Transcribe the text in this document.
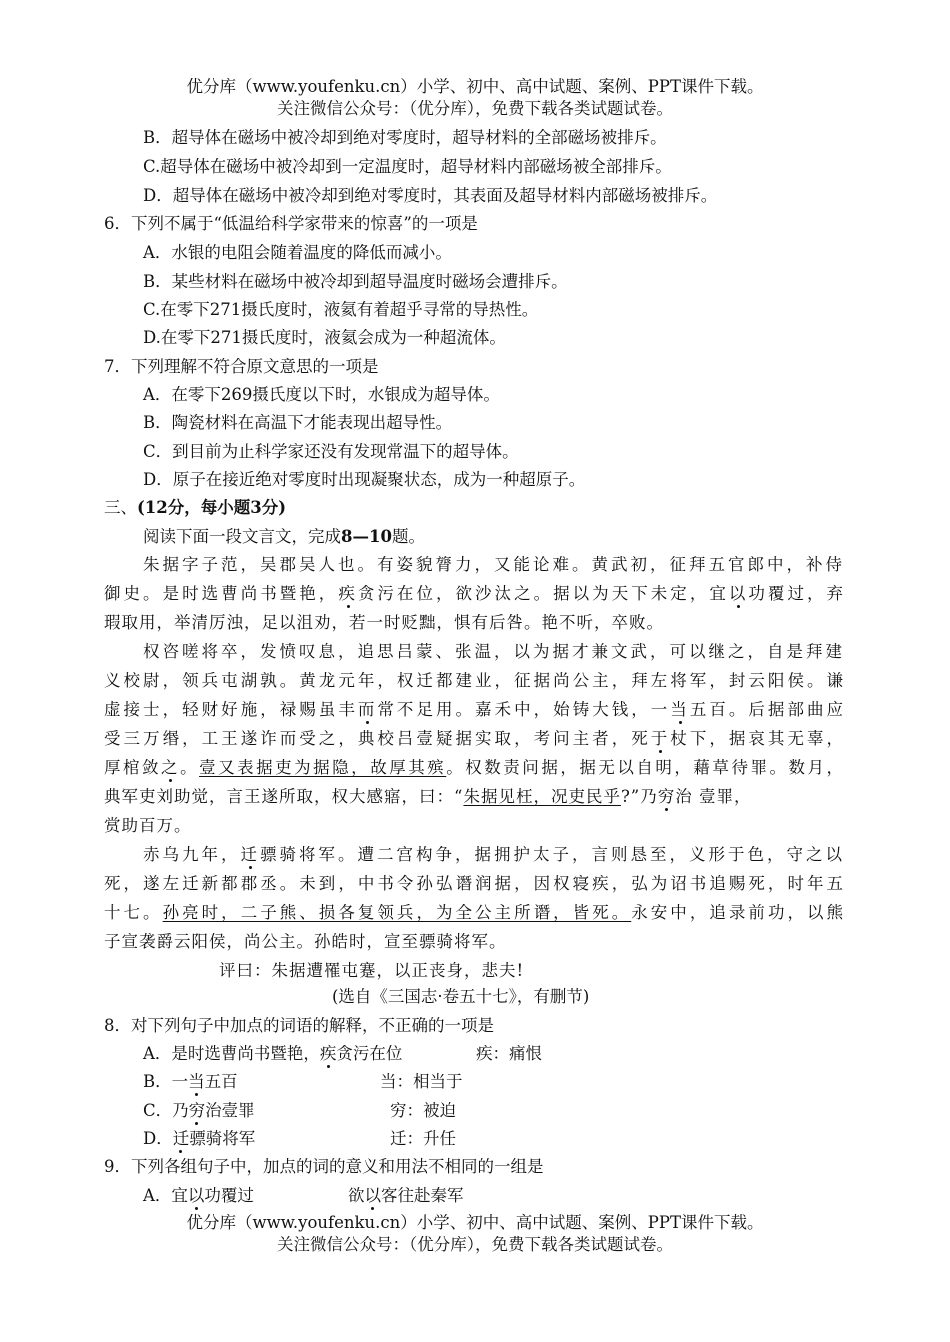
优分库（www.youfenku.cn）小学、初中、高中试题、案例、PPT课件下载。
关注微信公众号：（优分库），免费下载各类试题试卷。
B．超导体在磁场中被冷却到绝对零度时，超导材料的全部磁场被排斥。
C.超导体在磁场中被冷却到一定温度时，超导材料内部磁场被全部排斥。
D．超导体在磁场中被冷却到绝对零度时，其表面及超导材料内部磁场被排斥。
6．下列不属于“低温给科学家带来的惊喜”的一项是
A．水银的电阻会随着温度的降低而减小。
B．某些材料在磁场中被冷却到超导温度时磁场会遭排斥。
C.在零下271摄氏度时，液氦有着超乎寻常的导热性。
D.在零下271摄氏度时，液氦会成为一种超流体。
7．下列理解不符合原文意思的一项是
A．在零下269摄氏度以下时，水银成为超导体。
B．陶瓷材料在高温下才能表现出超导性。
C．到目前为止科学家还没有发现常温下的超导体。
D．原子在接近绝对零度时出现凝聚状态，成为一种超原子。
三、(12分，每小题3分)
阅读下面一段文言文，完成8—10题。
朱据字子范，吴郡吴人也。有姿貌膂力，又能论难。黄武初，征拜五官郎中，补侍
御史。是时选曹尚书暨艳，疾贪污在位，欲沙汰之。据以为天下未定，宜以功覆过，弃
瑕取用，举清厉浊，足以沮劝，若一时贬黜，惧有后咎。艳不听，卒败。
权咨嗟将卒，发愤叹息，追思吕蒙、张温，以为据才兼文武，可以继之，自是拜建
义校尉，领兵屯湖孰。黄龙元年，权迁都建业，征据尚公主，拜左将军，封云阳侯。谦
虚接士，轻财好施，禄赐虽丰而常不足用。嘉禾中，始铸大钱，一当五百。后据部曲应
受三万缗，工王遂诈而受之，典校吕壹疑据实取，考问主者，死于杖下，据哀其无辜，
厚棺敛之。壹又表据吏为据隐，故厚其殡。权数责问据，据无以自明，藉草待罪。数月，
典军吏刘助觉，言王遂所取，权大感寤，曰：“朱据见枉，况吏民乎?”乃穷治 壹罪，
赏助百万。
赤乌九年，迁骠骑将军。遭二宫构争，据拥护太子，言则恳至，义形于色，守之以
死，遂左迁新都郡丞。未到，中书令孙弘谮润据，因权寝疾，弘为诏书追赐死，时年五
十七。孙亮时，二子熊、损各复领兵，为全公主所谮，皆死。永安中，追录前功，以熊
子宣袭爵云阳侯，尚公主。孙皓时，宣至骠骑将军。
评曰：朱据遭罹屯蹇，以正丧身，悲夫!
(选自《三国志·卷五十七》，有删节)
8．对下列句子中加点的词语的解释，不正确的一项是
A．是时选曹尚书暨艳，疾贪污在位	疾：痛恨
B．一当五百	当：相当于
C．乃穷治壹罪	穷：被迫
D．迁骠骑将军	迁：升任
9．下列各组句子中，加点的词的意义和用法不相同的一组是
A．宜以功覆过	欲以客往赴秦军
优分库（www.youfenku.cn）小学、初中、高中试题、案例、PPT课件下载。
关注微信公众号：（优分库），免费下载各类试题试卷。
